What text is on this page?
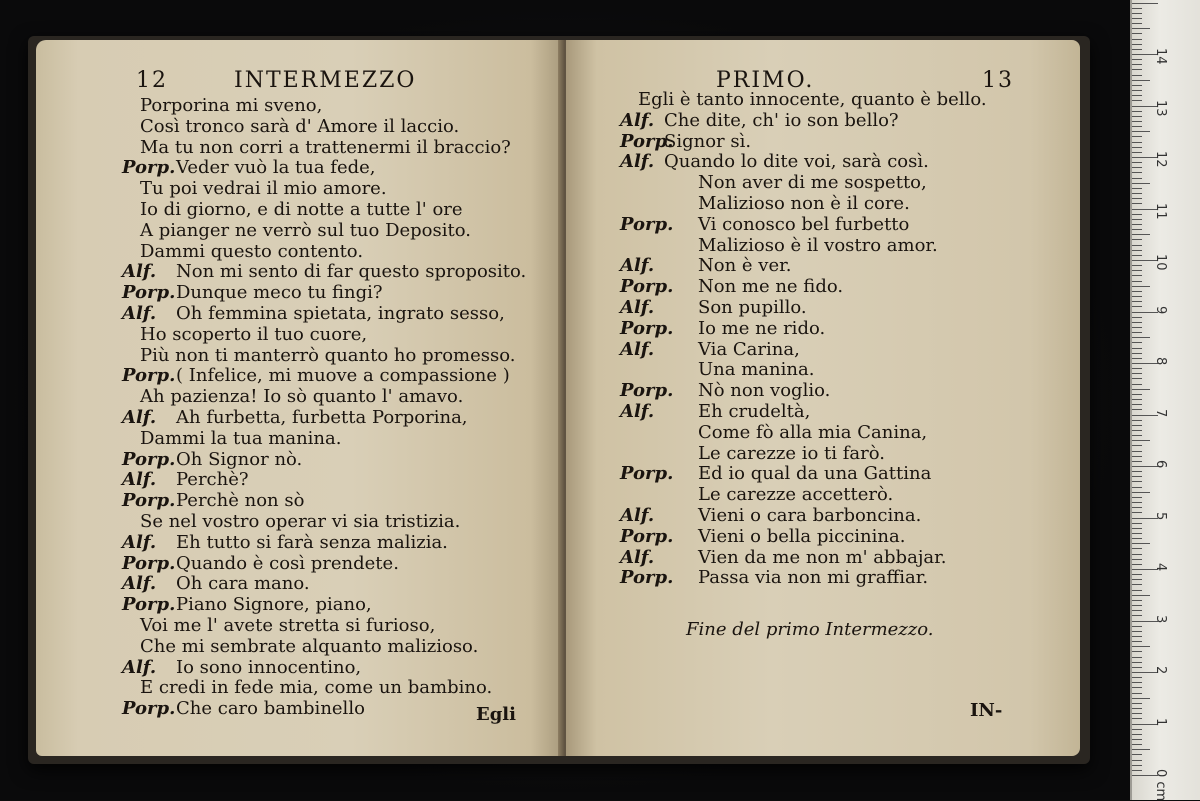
12	INTERMEZZO
Porporina mi sveno,
Così tronco sarà d' Amore il laccio.
Ma tu non corri a trattenermi il braccio?
Porp. Veder vuò la tua fede,
Tu poi vedrai il mio amore.
Io di giorno, e di notte a tutte l' ore
A pianger ne verrò sul tuo Deposito.
Dammi questo contento.
Alf. Non mi sento di far questo sproposito.
Porp. Dunque meco tu fingi?
Alf. Oh femmina spietata, ingrato sesso,
Ho scoperto il tuo cuore,
Più non ti manterrò quanto ho promesso.
Porp. ( Infelice, mi muove a compassione )
Ah pazienza! Io sò quanto l' amavo.
Alf. Ah furbetta, furbetta Porporina,
Dammi la tua manina.
Porp. Oh Signor nò.
Alf. Perchè?
Porp. Perchè non sò
Se nel vostro operar vi sia tristizia.
Alf. Eh tutto si farà senza malizia.
Porp. Quando è così prendete.
Alf. Oh cara mano.
Porp. Piano Signore, piano,
Voi me l' avete stretta si furioso,
Che mi sembrate alquanto malizioso.
Alf. Io sono innocentino,
E credi in fede mia, come un bambino.
Porp. Che caro bambinello	Egli
PRIMO.	13
Egli è tanto innocente, quanto è bello.
Alf. Che dite, ch' io son bello?
Porp.
Signor sì.
Alf. Quando lo dite voi, sarà così.
Non aver di me sospetto,
Malizioso non è il core.
Porp. Vi conosco bel furbetto
Malizioso è il vostro amor.
Alf. Non è ver.
Porp. Non me ne fido.
Alf. Son pupillo.
Porp. Io me ne rido.
Alf. Via Carina,
Una manina.
Porp. Nò non voglio.
Alf. Eh crudeltà,
Come fò alla mia Canina,
Le carezze io ti farò.
Porp. Ed io qual da una Gattina
Le carezze accetterò.
Alf. Vieni o cara barboncina.
Porp. Vieni o bella piccinina.
Alf. Vien da me non m' abbajar.
Porp. Passa via non mi graffiar.
Fine del primo Intermezzo.
IN-
0 cm
1
2
3
4
5
6
7
8
9
10
11
12
13
14
